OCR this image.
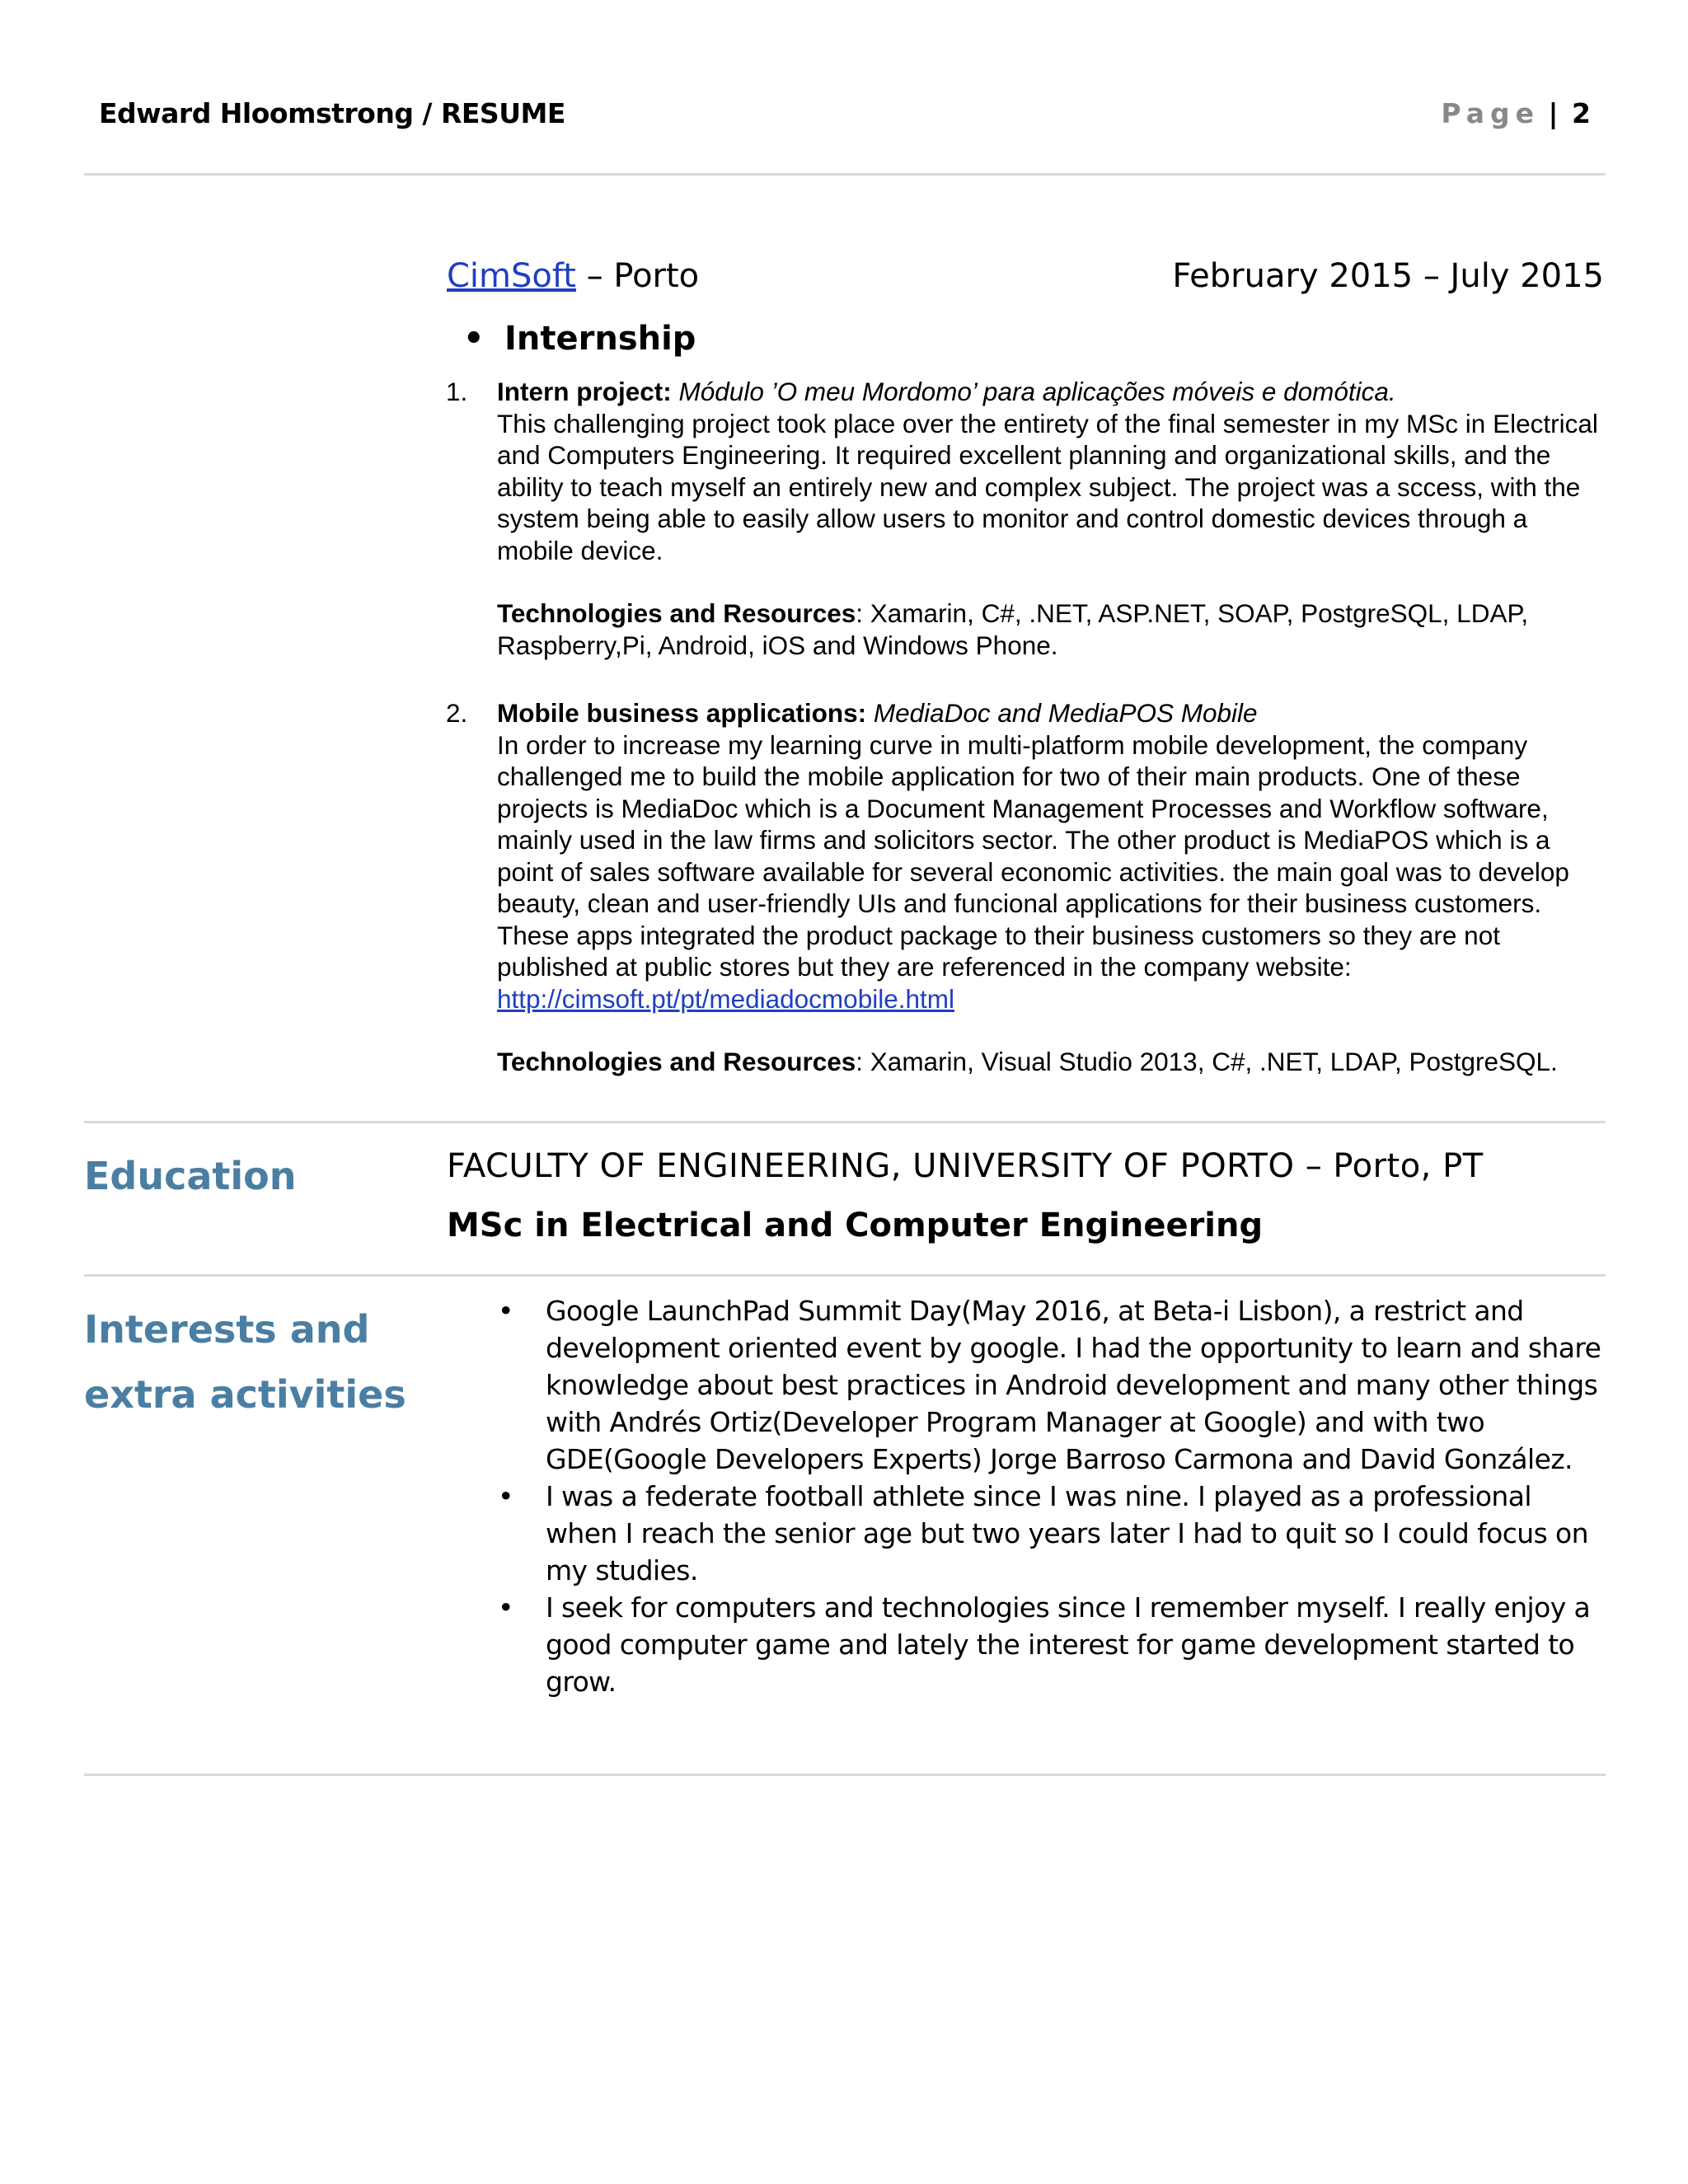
Edward Hloomstrong / RESUME	Page | 2
CimSoft – Porto	February 2015 – July 2015
• Internship
1. Intern project: Módulo ’O meu Mordomo’ para aplicações móveis e domótica.
This challenging project took place over the entirety of the final semester in my MSc in Electrical and Computers Engineering. It required excellent planning and organizational skills, and the ability to teach myself an entirely new and complex subject. The project was a sccess, with the system being able to easily allow users to monitor and control domestic devices through a mobile device.
Technologies and Resources: Xamarin, C#, .NET, ASP.NET, SOAP, PostgreSQL, LDAP, Raspberry,Pi, Android, iOS and Windows Phone.
2. Mobile business applications: MediaDoc and MediaPOS Mobile
In order to increase my learning curve in multi-platform mobile development, the company challenged me to build the mobile application for two of their main products. One of these projects is MediaDoc which is a Document Management Processes and Workflow software, mainly used in the law firms and solicitors sector. The other product is MediaPOS which is a point of sales software available for several economic activities. the main goal was to develop beauty, clean and user-friendly UIs and funcional applications for their business customers. These apps integrated the product package to their business customers so they are not published at public stores but they are referenced in the company website: http://cimsoft.pt/pt/mediadocmobile.html
Technologies and Resources: Xamarin, Visual Studio 2013, C#, .NET, LDAP, PostgreSQL.
Education	FACULTY OF ENGINEERING, UNIVERSITY OF PORTO – Porto, PT
MSc in Electrical and Computer Engineering
Interests and
extra activities
• Google LaunchPad Summit Day(May 2016, at Beta-i Lisbon), a restrict and development oriented event by google. I had the opportunity to learn and share knowledge about best practices in Android development and many other things with Andrés Ortiz(Developer Program Manager at Google) and with two GDE(Google Developers Experts) Jorge Barroso Carmona and David González.
• I was a federate football athlete since I was nine. I played as a professional when I reach the senior age but two years later I had to quit so I could focus on my studies.
• I seek for computers and technologies since I remember myself. I really enjoy a good computer game and lately the interest for game development started to grow.
